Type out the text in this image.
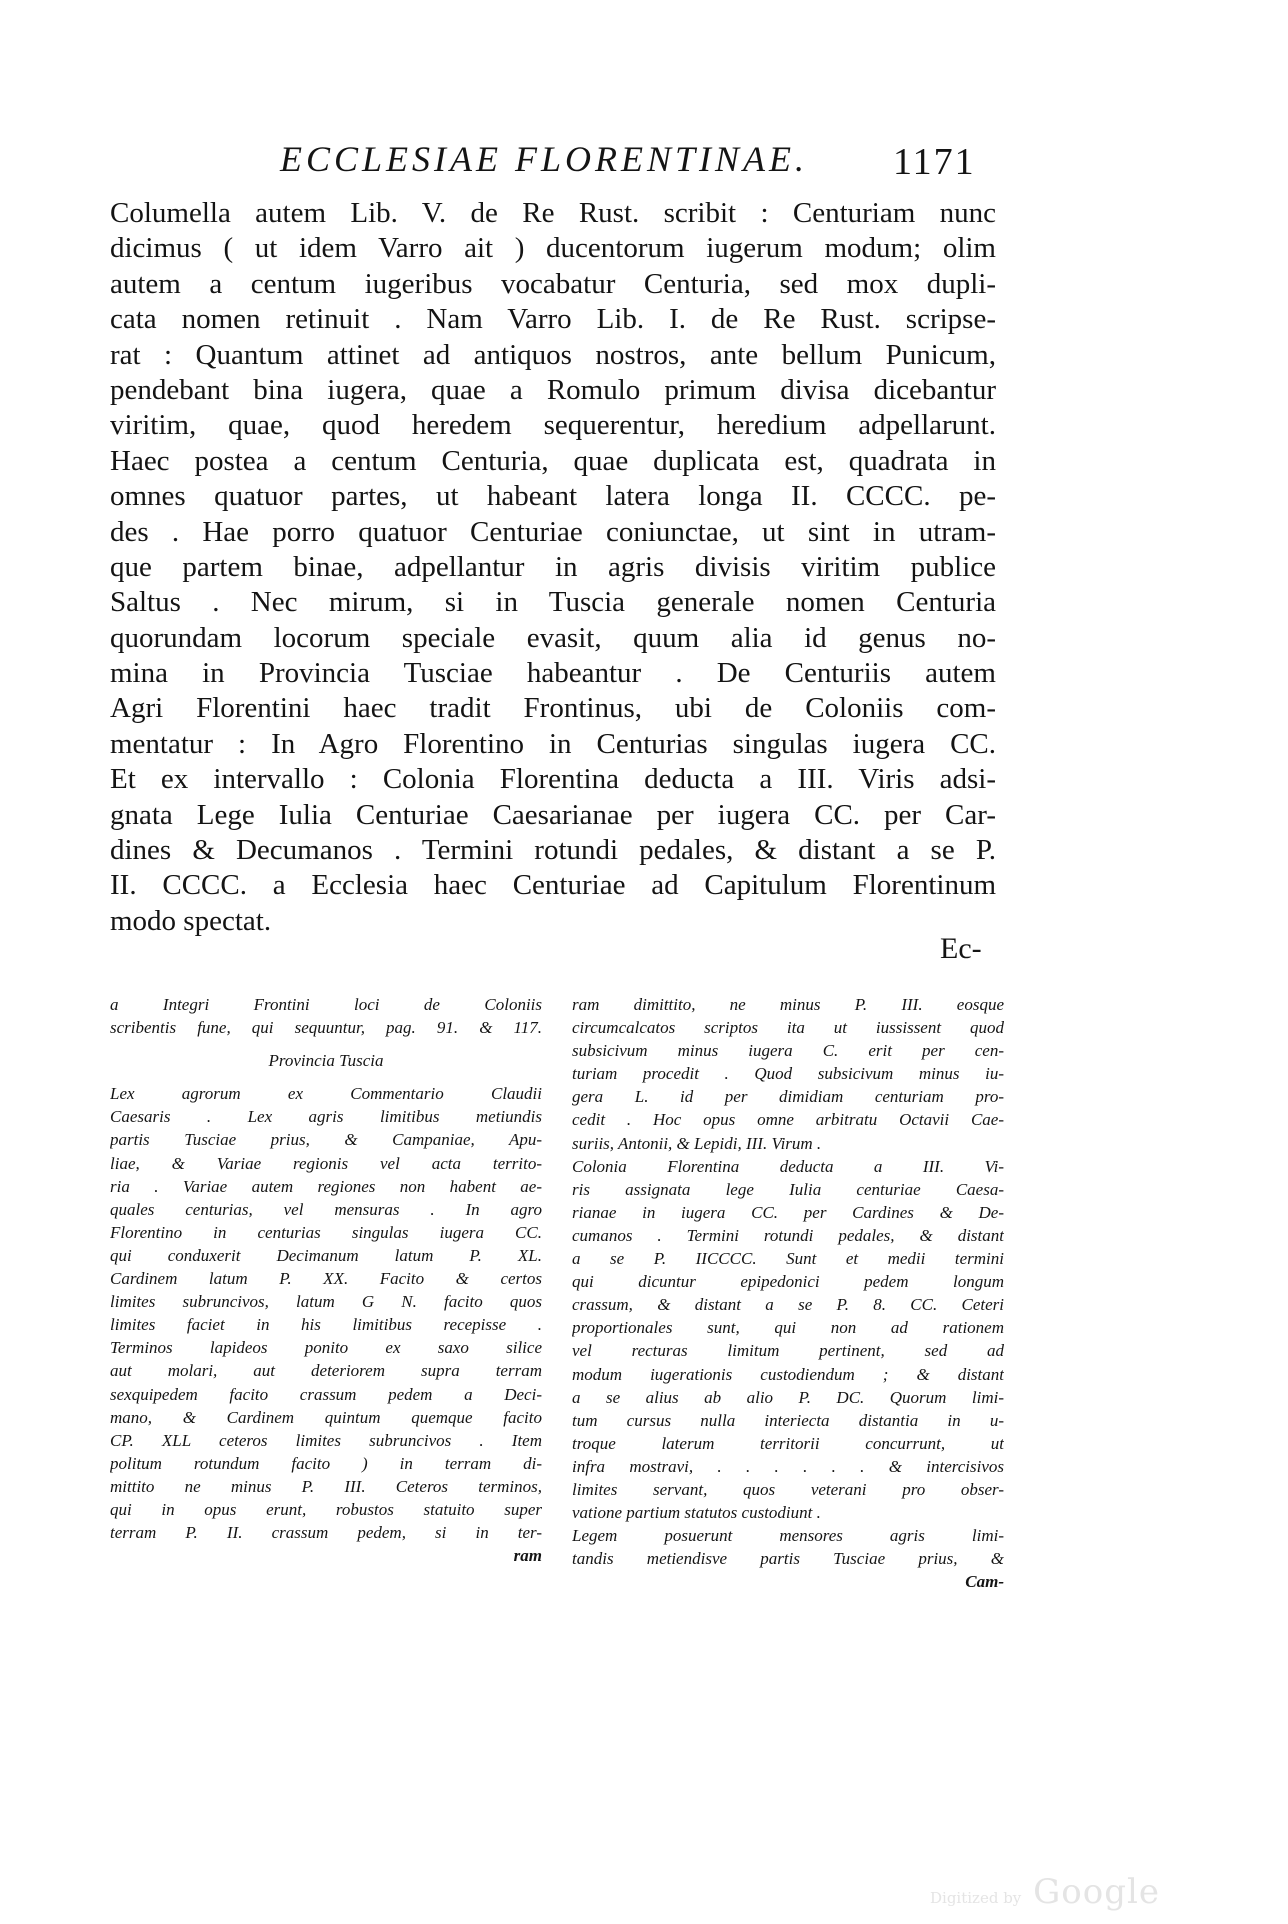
ECCLESIAE FLORENTINAE. 1171
Columella autem Lib. V. de Re Rust. scribit : Centuriam nunc
dicimus ( ut idem Varro ait ) ducentorum iugerum modum; olim
autem a centum iugeribus vocabatur Centuria, sed mox dupli-
cata nomen retinuit . Nam Varro Lib. I. de Re Rust. scripse-
rat : Quantum attinet ad antiquos nostros, ante bellum Punicum,
pendebant bina iugera, quae a Romulo primum divisa dicebantur
viritim, quae, quod heredem sequerentur, heredium adpellarunt.
Haec postea a centum Centuria, quae duplicata est, quadrata in
omnes quatuor partes, ut habeant latera longa II. CCCC. pe-
des . Hae porro quatuor Centuriae coniunctae, ut sint in utram-
que partem binae, adpellantur in agris divisis viritim publice
Saltus . Nec mirum, si in Tuscia generale nomen Centuria
quorundam locorum speciale evasit, quum alia id genus no-
mina in Provincia Tusciae habeantur . De Centuriis autem
Agri Florentini haec tradit Frontinus, ubi de Coloniis com-
mentatur : In Agro Florentino in Centurias singulas iugera CC.
Et ex intervallo : Colonia Florentina deducta a III. Viris adsi-
gnata Lege Iulia Centuriae Caesarianae per iugera CC. per Car-
dines & Decumanos . Termini rotundi pedales, & distant a se P.
II. CCCC. a Ecclesia haec Centuriae ad Capitulum Florentinum
modo spectat.
Ec-
a Integri Frontini loci de Coloniis
scribentis fune, qui sequuntur, pag. 91. & 117.
Provincia Tuscia
Lex agrorum ex Commentario Claudii
Caesaris . Lex agris limitibus metiundis
partis Tusciae prius, & Campaniae, Apu-
liae, & Variae regionis vel acta territo-
ria . Variae autem regiones non habent ae-
quales centurias, vel mensuras . In agro
Florentino in centurias singulas iugera CC.
qui conduxerit Decimanum latum P. XL.
Cardinem latum P. XX. Facito & certos
limites subruncivos, latum G N. facito quos
limites faciet in his limitibus recepisse .
Terminos lapideos ponito ex saxo silice
aut molari, aut deteriorem supra terram
sexquipedem facito crassum pedem a Deci-
mano, & Cardinem quintum quemque facito
CP. XLL ceteros limites subruncivos . Item
politum rotundum facito ) in terram di-
mittito ne minus P. III. Ceteros terminos,
qui in opus erunt, robustos statuito super
terram P. II. crassum pedem, si in ter-
ram
ram dimittito, ne minus P. III. eosque
circumcalcatos scriptos ita ut iussissent quod
subsicivum minus iugera C. erit per cen-
turiam procedit . Quod subsicivum minus iu-
gera L. id per dimidiam centuriam pro-
cedit . Hoc opus omne arbitratu Octavii Cae-
suriis, Antonii, & Lepidi, III. Virum .
Colonia Florentina deducta a III. Vi-
ris assignata lege Iulia centuriae Caesa-
rianae in iugera CC. per Cardines & De-
cumanos . Termini rotundi pedales, & distant
a se P. IICCCC. Sunt et medii termini
qui dicuntur epipedonici pedem longum
crassum, & distant a se P. 8. CC. Ceteri
proportionales sunt, qui non ad rationem
vel recturas limitum pertinent, sed ad
modum iugerationis custodiendum ; & distant
a se alius ab alio P. DC. Quorum limi-
tum cursus nulla interiecta distantia in u-
troque laterum territorii concurrunt, ut
infra mostravi, . . . . . . & intercisivos
limites servant, quos veterani pro obser-
vatione partium statutos custodiunt .
Legem posuerunt mensores agris limi-
tandis metiendisve partis Tusciae prius, &
Cam-
Digitized by Google
